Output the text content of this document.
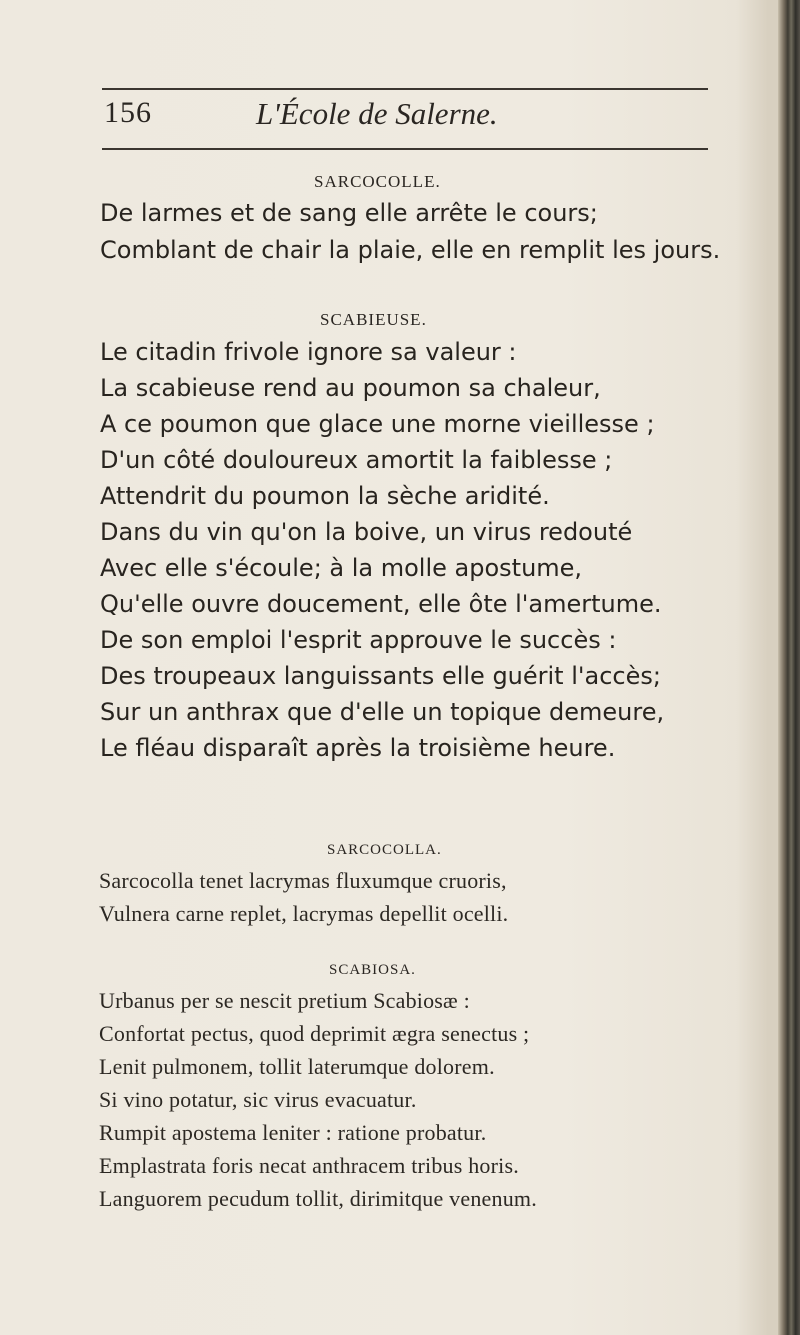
156	L'École de Salerne.
SARCOCOLLE.
De larmes et de sang elle arrête le cours;
Comblant de chair la plaie, elle en remplit les jours.
SCABIEUSE.
Le citadin frivole ignore sa valeur :
La scabieuse rend au poumon sa chaleur,
A ce poumon que glace une morne vieillesse ;
D'un côté douloureux amortit la faiblesse ;
Attendrit du poumon la sèche aridité.
Dans du vin qu'on la boive, un virus redouté
Avec elle s'écoule; à la molle apostume,
Qu'elle ouvre doucement, elle ôte l'amertume.
De son emploi l'esprit approuve le succès :
Des troupeaux languissants elle guérit l'accès;
Sur un anthrax que d'elle un topique demeure,
Le fléau disparaît après la troisième heure.
SARCOCOLLA.
Sarcocolla tenet lacrymas fluxumque cruoris,
Vulnera carne replet, lacrymas depellit ocelli.
SCABIOSA.
Urbanus per se nescit pretium Scabiosæ :
Confortat pectus, quod deprimit ægra senectus ;
Lenit pulmonem, tollit laterumque dolorem.
Si vino potatur, sic virus evacuatur.
Rumpit apostema leniter : ratione probatur.
Emplastrata foris necat anthracem tribus horis.
Languorem pecudum tollit, dirimitque venenum.
